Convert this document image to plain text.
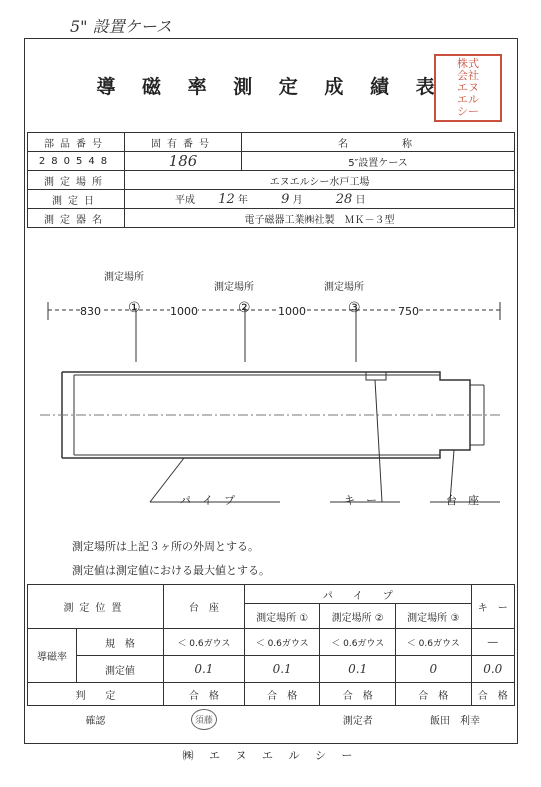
5" 設置ケース
導 磁 率 測 定 成 績 表
株式
会社
エヌ
エル
シー
部品番号	固有番号	名　　　称
280548	186	5″設置ケース
測定場所	エヌエルシー水戸工場	
測定日	平成 12 年 9 月 28 日	
測定器名	電子磁器工業㈱社製　ＭＫ－３型	
測定場所
測定場所	測定場所
①	②	③
830	1000	1000	750
パ　イ　プ	キ　ー	台　座
測定場所は上記３ヶ所の外周とする。
測定値は測定値における最大値とする。
測定位置		台　座	パ　　イ　　プ			キ　ー
			測定場所 ①	測定場所 ②	測定場所 ③	
導磁率	規　格	＜ 0.6ガウス	＜ 0.6ガウス	＜ 0.6ガウス	＜ 0.6ガウス	―
	測定値	0.1	0.1	0.1	0	0.0
判　　定		合　格	合　格	合　格	合　格	合　格
確認		須藤		測定者	飯田　利幸	
㈱ エ ヌ エ ル シ ー
